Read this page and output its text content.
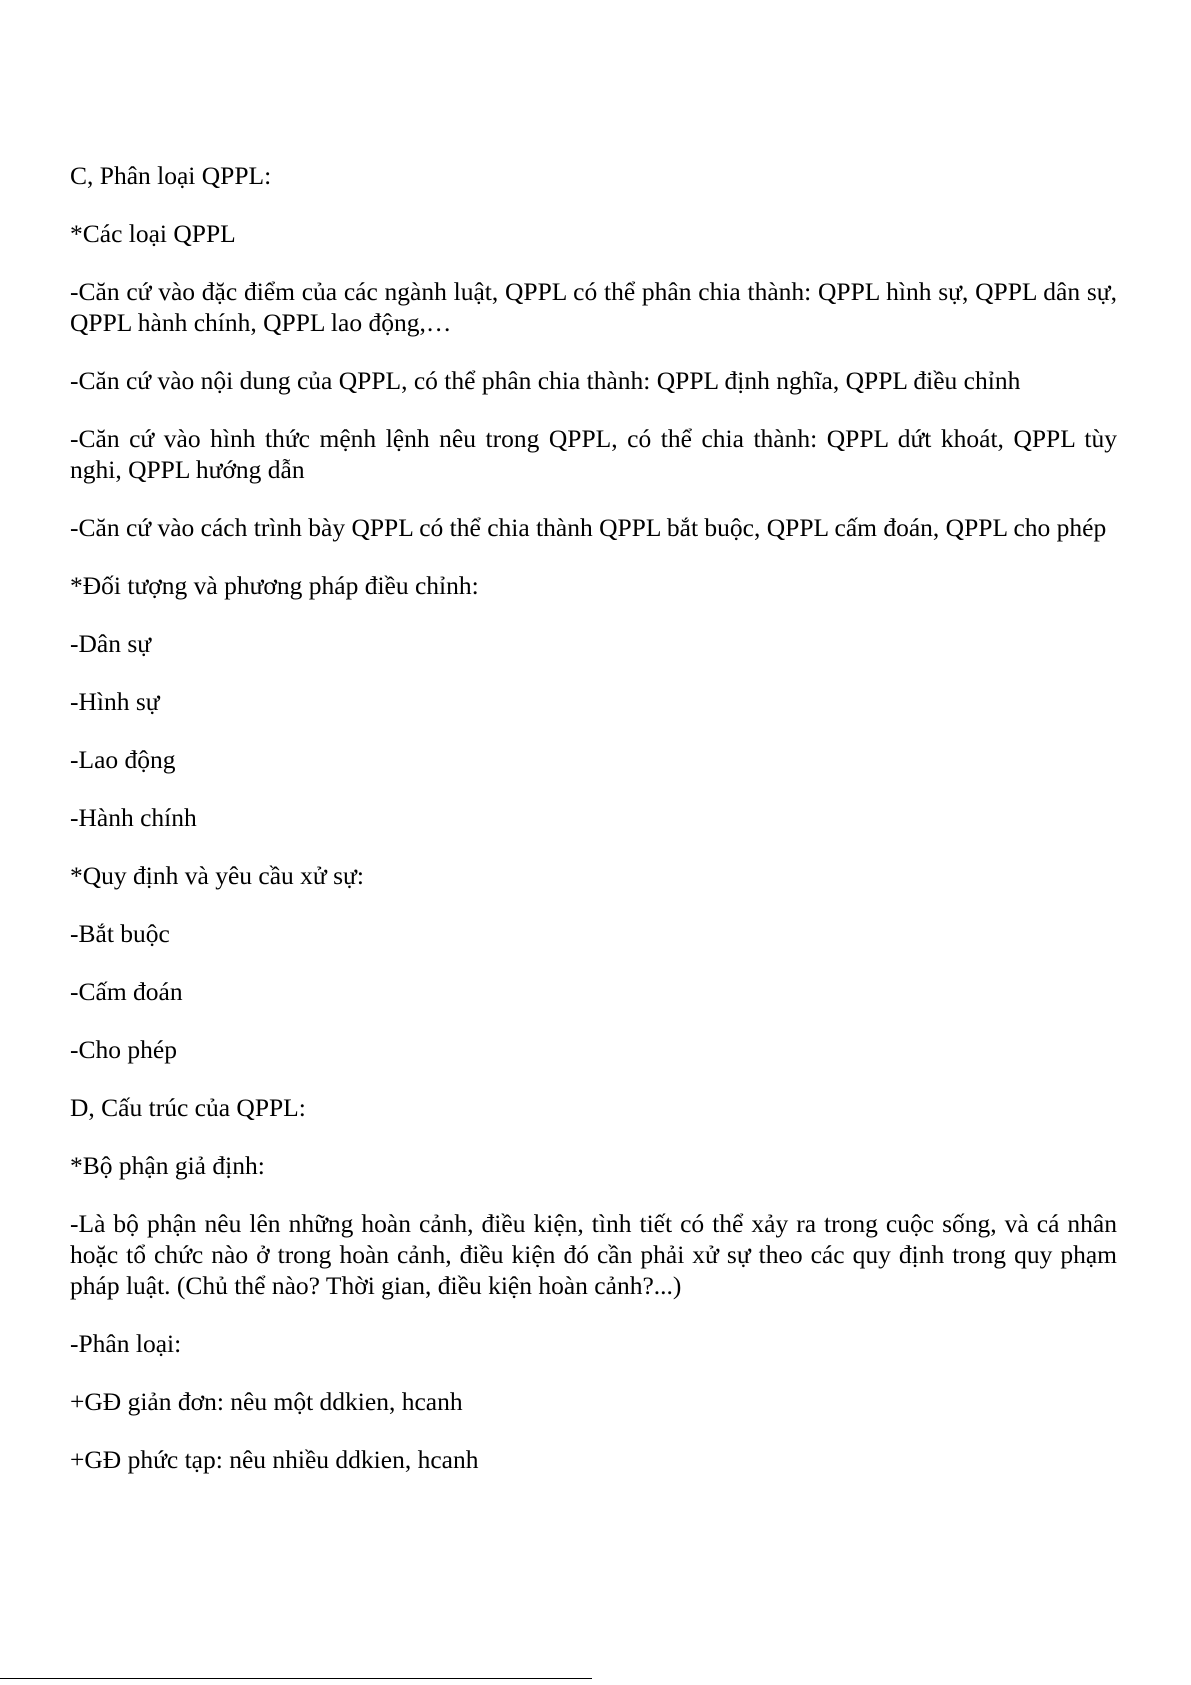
C, Phân loại QPPL:

*Các loại QPPL

-Căn cứ vào đặc điểm của các ngành luật, QPPL có thể phân chia thành: QPPL hình sự, QPPL dân sự, QPPL hành chính, QPPL lao động,…

-Căn cứ vào nội dung của QPPL, có thể phân chia thành: QPPL định nghĩa, QPPL điều chỉnh

-Căn cứ vào hình thức mệnh lệnh nêu trong QPPL, có thể chia thành: QPPL dứt khoát, QPPL tùy nghi, QPPL hướng dẫn

-Căn cứ vào cách trình bày QPPL có thể chia thành QPPL bắt buộc, QPPL cấm đoán, QPPL cho phép

*Đối tượng và phương pháp điều chỉnh:

-Dân sự

-Hình sự

-Lao động

-Hành chính

*Quy định và yêu cầu xử sự:

-Bắt buộc

-Cấm đoán

-Cho phép

D, Cấu trúc của QPPL:

*Bộ phận giả định:

-Là bộ phận nêu lên những hoàn cảnh, điều kiện, tình tiết có thể xảy ra trong cuộc sống, và cá nhân hoặc tổ chức nào ở trong hoàn cảnh, điều kiện đó cần phải xử sự theo các quy định trong quy phạm pháp luật. (Chủ thể nào? Thời gian, điều kiện hoàn cảnh?...)

-Phân loại:

+GĐ giản đơn: nêu một ddkien, hcanh

+GĐ phức tạp: nêu nhiều ddkien, hcanh
